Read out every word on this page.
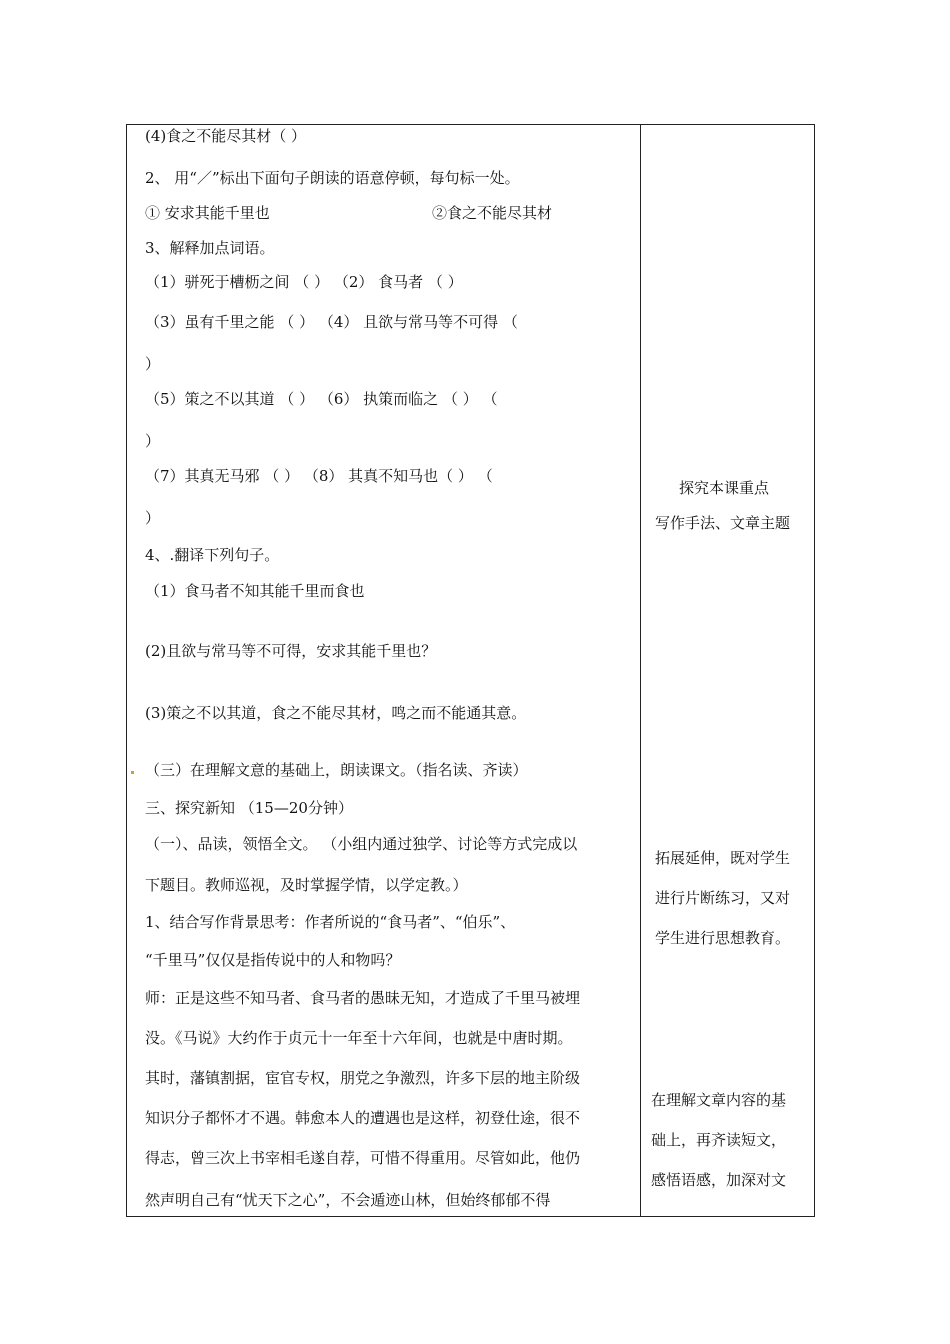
(4)食之不能尽其材（ ）
2、 用“／”标出下面句子朗读的语意停顿，每句标一处。
① 安求其能千里也	②食之不能尽其材
3、解释加点词语。
（1）骈死于槽枥之间 （ ） （2） 食马者 （ ）
（3）虽有千里之能 （ ） （4） 且欲与常马等不可得 （
）
（5）策之不以其道 （ ） （6） 执策而临之 （ ） （
）
（7）其真无马邪 （ ） （8） 其真不知马也（ ） （
）
4、.翻译下列句子。
（1）食马者不知其能千里而食也
(2)且欲与常马等不可得，安求其能千里也？
(3)策之不以其道，食之不能尽其材，鸣之而不能通其意。
（三）在理解文意的基础上，朗读课文。（指名读、齐读）
三、探究新知 （15—20分钟）
（一）、品读，领悟全文。 （小组内通过独学、讨论等方式完成以
下题目。教师巡视，及时掌握学情，以学定教。）
1、结合写作背景思考：作者所说的“食马者”、“伯乐”、
“千里马”仅仅是指传说中的人和物吗？
师：正是这些不知马者、食马者的愚昧无知，才造成了千里马被埋
没。《马说》大约作于贞元十一年至十六年间，也就是中唐时期。
其时，藩镇割据，宦官专权，朋党之争激烈，许多下层的地主阶级
知识分子都怀才不遇。韩愈本人的遭遇也是这样，初登仕途，很不
得志，曾三次上书宰相毛遂自荐，可惜不得重用。尽管如此，他仍
然声明自己有“忧天下之心”，不会遁迹山林，但始终郁郁不得
探究本课重点
写作手法、文章主题
拓展延伸，既对学生
进行片断练习，又对
学生进行思想教育。
在理解文章内容的基
础上，再齐读短文，
感悟语感，加深对文
